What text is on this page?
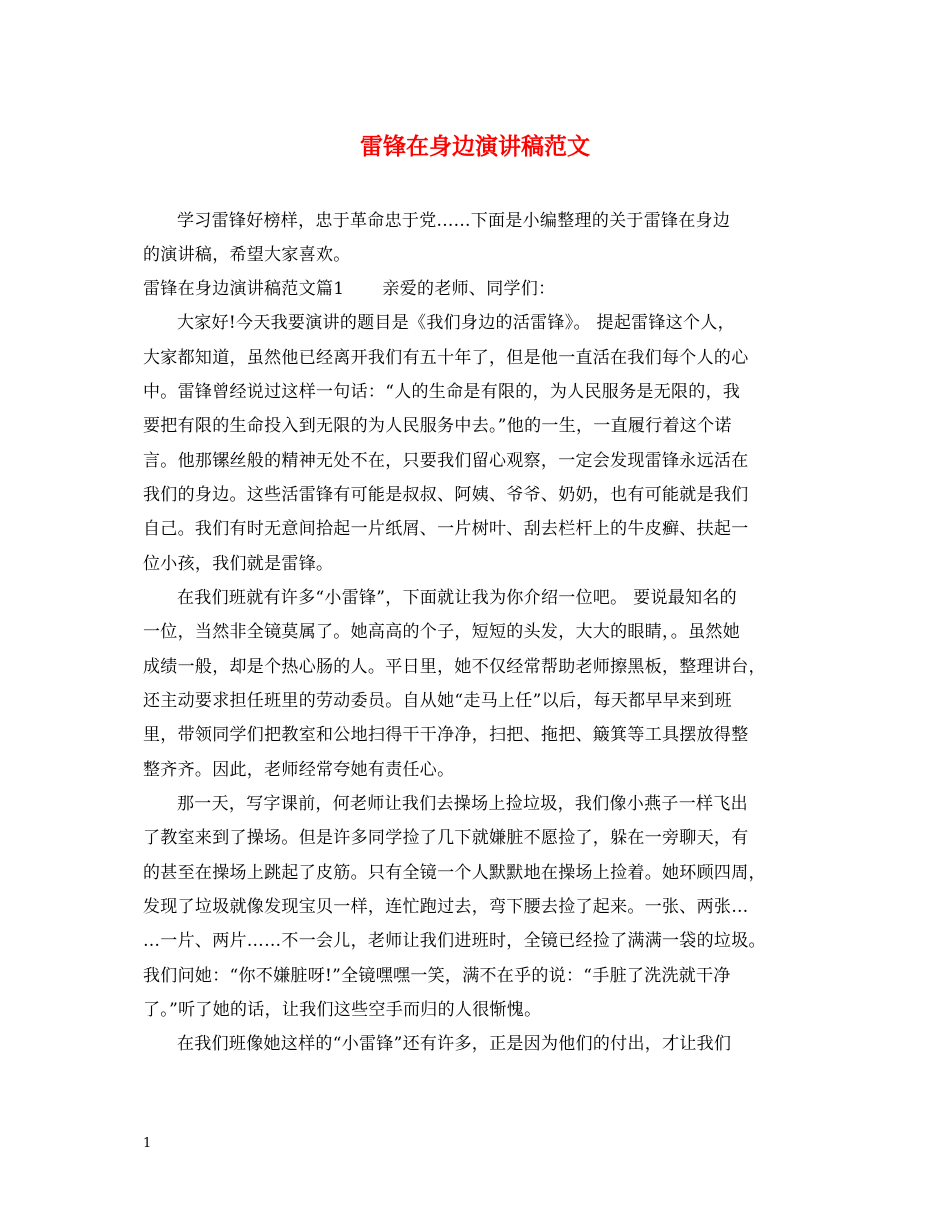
雷锋在身边演讲稿范文
学习雷锋好榜样，忠于革命忠于党......下面是小编整理的关于雷锋在身边
的演讲稿，希望大家喜欢。
雷锋在身边演讲稿范文篇1 亲爱的老师、同学们：
大家好!今天我要演讲的题目是《我们身边的活雷锋》。 提起雷锋这个人，
大家都知道，虽然他已经离开我们有五十年了，但是他一直活在我们每个人的心
中。雷锋曾经说过这样一句话：“人的生命是有限的，为人民服务是无限的，我
要把有限的生命投入到无限的为人民服务中去。”他的一生，一直履行着这个诺
言。他那镙丝般的精神无处不在，只要我们留心观察，一定会发现雷锋永远活在
我们的身边。这些活雷锋有可能是叔叔、阿姨、爷爷、奶奶，也有可能就是我们
自己。我们有时无意间拾起一片纸屑、一片树叶、刮去栏杆上的牛皮癣、扶起一
位小孩，我们就是雷锋。
在我们班就有许多“小雷锋”，下面就让我为你介绍一位吧。 要说最知名的
一位，当然非全镜莫属了。她高高的个子，短短的头发，大大的眼睛，。虽然她
成绩一般，却是个热心肠的人。平日里，她不仅经常帮助老师擦黑板，整理讲台，
还主动要求担任班里的劳动委员。自从她“走马上任”以后，每天都早早来到班
里，带领同学们把教室和公地扫得干干净净，扫把、拖把、簸箕等工具摆放得整
整齐齐。因此，老师经常夸她有责任心。
那一天，写字课前，何老师让我们去操场上捡垃圾，我们像小燕子一样飞出
了教室来到了操场。但是许多同学捡了几下就嫌脏不愿捡了，躲在一旁聊天，有
的甚至在操场上跳起了皮筋。只有全镜一个人默默地在操场上捡着。她环顾四周，
发现了垃圾就像发现宝贝一样，连忙跑过去，弯下腰去捡了起来。一张、两张…
…一片、两片……不一会儿，老师让我们进班时，全镜已经捡了满满一袋的垃圾。
我们问她：“你不嫌脏呀!”全镜嘿嘿一笑，满不在乎的说：“手脏了洗洗就干净
了。”听了她的话，让我们这些空手而归的人很惭愧。
在我们班像她这样的“小雷锋”还有许多，正是因为他们的付出，才让我们
1
